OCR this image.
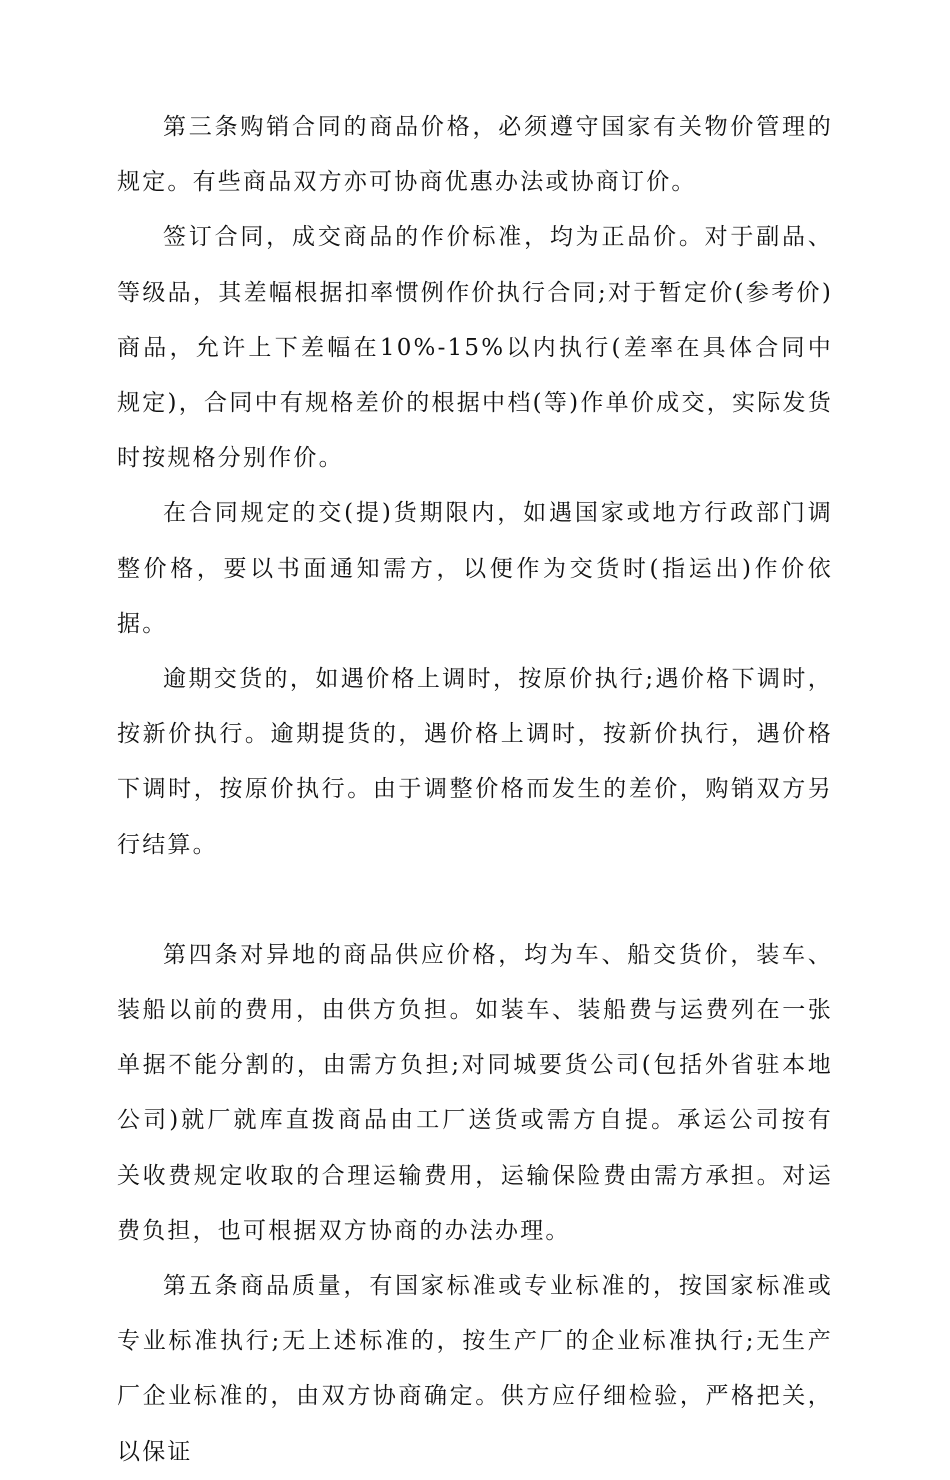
第三条购销合同的商品价格，必须遵守国家有关物价管理的规定。有些商品双方亦可协商优惠办法或协商订价。

签订合同，成交商品的作价标准，均为正品价。对于副品、等级品，其差幅根据扣率惯例作价执行合同;对于暂定价(参考价)商品，允许上下差幅在10%-15%以内执行(差率在具体合同中规定)，合同中有规格差价的根据中档(等)作单价成交，实际发货时按规格分别作价。

在合同规定的交(提)货期限内，如遇国家或地方行政部门调整价格，要以书面通知需方，以便作为交货时(指运出)作价依据。

逾期交货的，如遇价格上调时，按原价执行;遇价格下调时，按新价执行。逾期提货的，遇价格上调时，按新价执行，遇价格下调时，按原价执行。由于调整价格而发生的差价，购销双方另行结算。

第四条对异地的商品供应价格，均为车、船交货价，装车、装船以前的费用，由供方负担。如装车、装船费与运费列在一张单据不能分割的，由需方负担;对同城要货公司(包括外省驻本地公司)就厂就库直拨商品由工厂送货或需方自提。承运公司按有关收费规定收取的合理运输费用，运输保险费由需方承担。对运费负担，也可根据双方协商的办法办理。

第五条商品质量，有国家标准或专业标准的，按国家标准或专业标准执行;无上述标准的，按生产厂的企业标准执行;无生产厂企业标准的，由双方协商确定。供方应仔细检验，严格把关，以保证
